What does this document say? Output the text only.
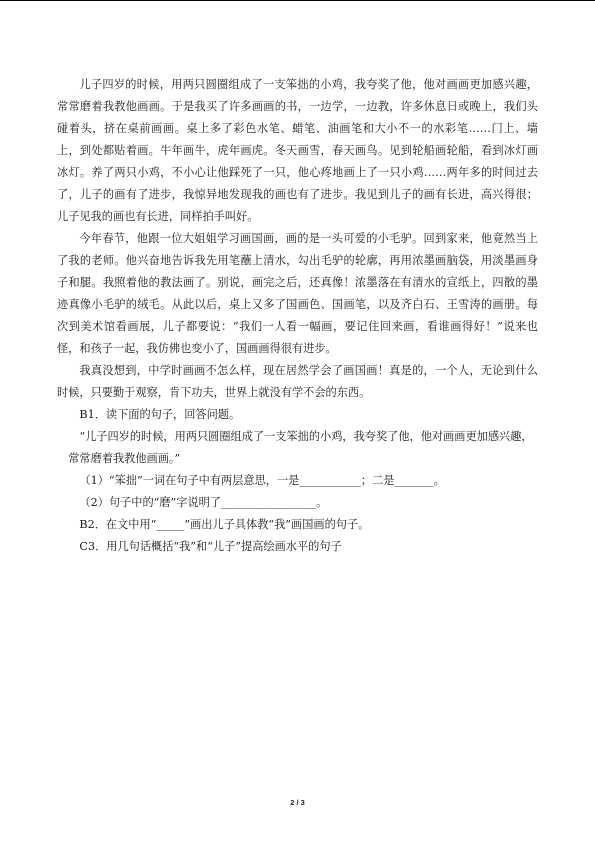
儿子四岁的时候，用两只圆圈组成了一支笨拙的小鸡，我夸奖了他，他对画画更加感兴趣，常常磨着我教他画画。于是我买了许多画画的书，一边学，一边教，许多休息日或晚上，我们头碰着头，挤在桌前画画。桌上多了彩色水笔、蜡笔、油画笔和大小不一的水彩笔……门上、墙上，到处都贴着画。牛年画牛，虎年画虎。冬天画雪，春天画鸟。见到轮船画轮船，看到冰灯画冰灯。养了两只小鸡，不小心让他踩死了一只，他心疼地画上了一只小鸡……两年多的时间过去了，儿子的画有了进步，我惊异地发现我的画也有了进步。我见到儿子的画有长进，高兴得很；儿子见我的画也有长进，同样拍手叫好。

今年春节，他跟一位大姐姐学习画国画，画的是一头可爱的小毛驴。回到家来，他竟然当上了我的老师。他兴奋地告诉我先用笔蘸上清水，勾出毛驴的轮廓，再用浓墨画脑袋，用淡墨画身子和腿。我照着他的教法画了。别说，画完之后，还真像！浓墨落在有清水的宣纸上，四散的墨迹真像小毛驴的绒毛。从此以后，桌上又多了国画色、国画笔，以及齐白石、王雪涛的画册。每次到美术馆看画展，儿子都要说：“我们一人看一幅画，要记住回来画，看谁画得好！”说来也怪，和孩子一起，我仿佛也变小了，国画画得很有进步。

我真没想到，中学时画画不怎么样，现在居然学会了画国画！真是的，一个人，无论到什么时候，只要勤于观察，肯下功夫，世界上就没有学不会的东西。

B1．读下面的句子，回答问题。

“儿子四岁的时候，用两只圆圈组成了一支笨拙的小鸡，我夸奖了他，他对画画更加感兴趣，常常磨着我教他画画。”

（1）“笨拙”一词在句子中有两层意思，一是___________；二是_______。

（2）句子中的“磨”字说明了_________________。

B2．在文中用“_____”画出儿子具体教“我”画国画的句子。

C3．用几句话概括“我”和“儿子”提高绘画水平的句子

2 / 3
